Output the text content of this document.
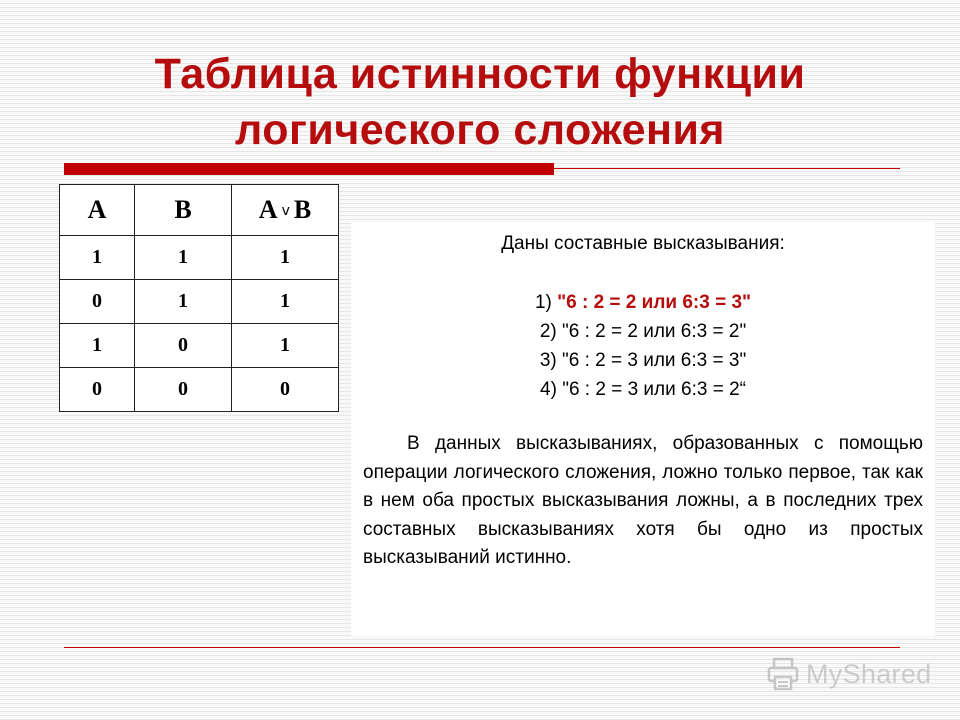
Таблица истинности функции
логического сложения
А	В	А v В
1	1	1
0	1	1
1	0	1
0	0	0
Даны составные высказывания:
1) "6 : 2 = 2 или 6:3 = 3"
2) "6 : 2 = 2 или 6:3 = 2"
3) "6 : 2 = 3 или 6:3 = 3"
4) "6 : 2 = 3 или 6:3 = 2“

В данных высказываниях, образованных с помощью операции логического сложения, ложно только первое, так как в нем оба простых высказывания ложны, а в последних трех составных высказываниях хотя бы одно из простых высказываний истинно.

MyShared
